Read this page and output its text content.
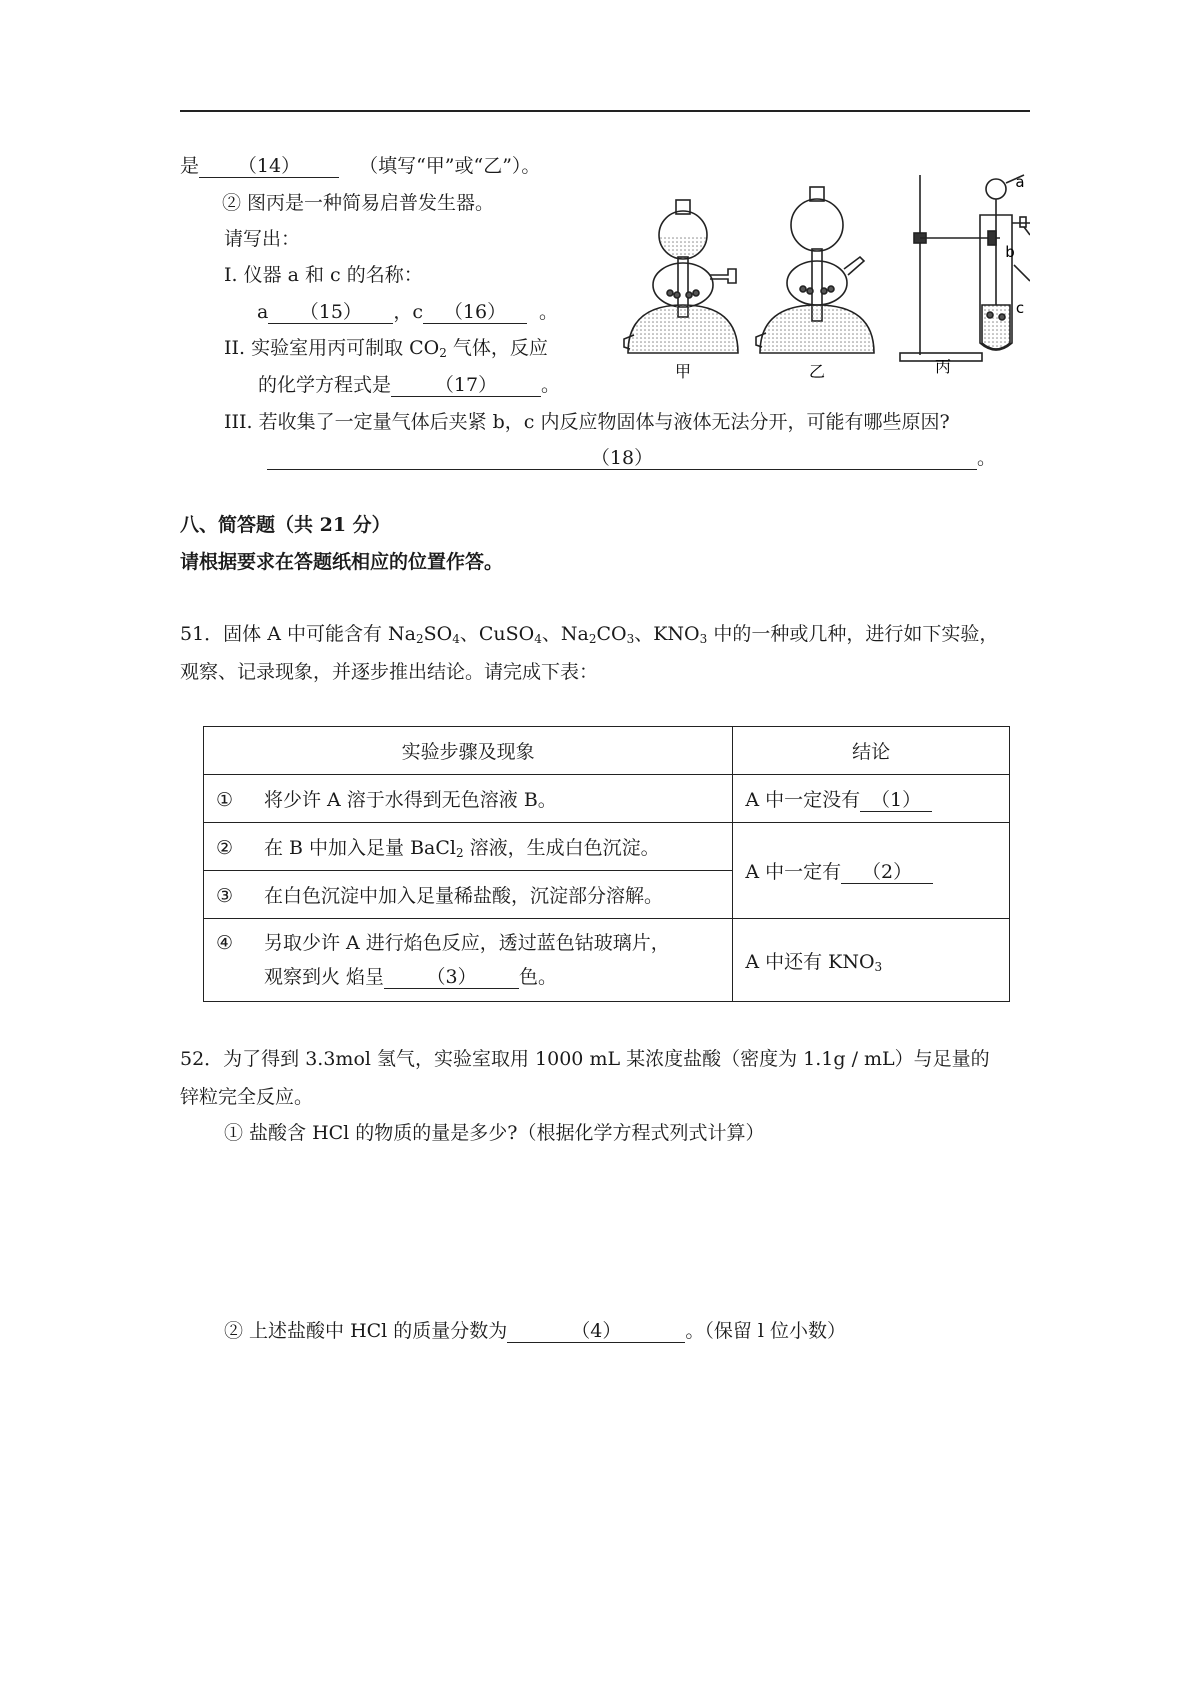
是 （14）	（填写“甲”或“乙”）。
② 图丙是一种简易启普发生器。
请写出：
I. 仪器 a 和 c 的名称：
a （15） ，c （16） 。
II. 实验室用丙可制取 $CO_2$ 气体，反应
的化学方程式是 （17） 。
III. 若收集了一定量气体后夹紧 b，c 内反应物固体与液体无法分开，可能有哪些原因?
（18）	。
甲	乙	丙
a
b
c
八、简答题（共 21 分）
请根据要求在答题纸相应的位置作答。
51．固体 A 中可能含有 $Na_2SO_4$、CuSO$_4$、$Na_2CO_3$、$KNO_3$ 中的一种或几种，进行如下实验，
观察、记录现象，并逐步推出结论。请完成下表：
实验步骤及现象	结论
① 将少许 A 溶于水得到无色溶液 B。	A 中一定没有 （1）
② 在 B 中加入足量 BaCl$_2$ 溶液，生成白色沉淀。	A 中一定有 （2）
③ 在白色沉淀中加入足量稀盐酸，沉淀部分溶解。	
④ 另取少许 A 进行焰色反应，透过蓝色钴玻璃片，
观察到火 焰呈 （3） 色。	A 中还有 $KNO_3$
52．为了得到 3.3mol 氢气，实验室取用 1000 mL 某浓度盐酸（密度为 1.1g / mL）与足量的
锌粒完全反应。
① 盐酸含 HCl 的物质的量是多少?（根据化学方程式列式计算）
② 上述盐酸中 HCl 的质量分数为	（4）	。（保留 l 位小数）
